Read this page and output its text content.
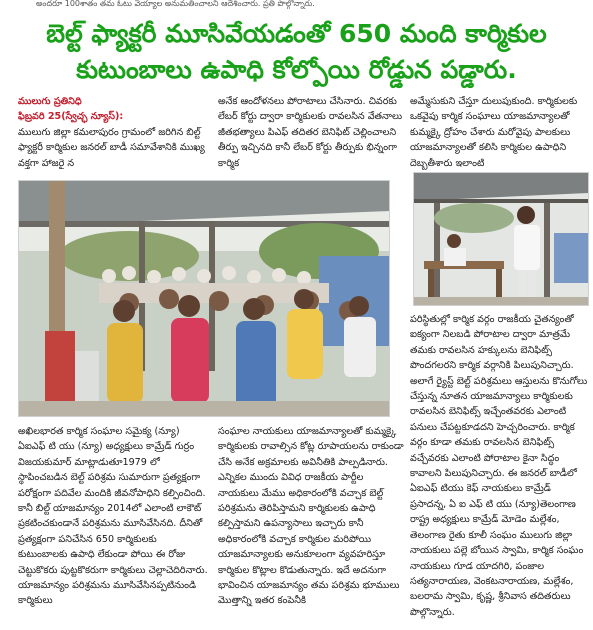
అందరూ 100శాతం తమ ఓటు వెయ్యాల అనుమతించాలని ఆదేశించారు. ప్రతి పొల్గొన్నారు.
బెల్ట్ ఫ్యాక్టరీ మూసివేయడంతో 650 మంది కార్మికుల
కుటుంబాలు ఉపాధి కోల్పోయి రోడ్డున పడ్డారు.

ములుగు ప్రతినిధి

ఫిబ్రవరి 25(స్వేచ్ఛ న్యూస్):

ములుగు జిల్లా కమలాపురం గ్రామంలో జరిగిన బిల్ట్ ఫ్యాక్టరీ కార్మికుల జనరల్ బాడీ సమావేశానికి ముఖ్య వక్తగా హాజరై న

అనేక ఆందోళనలు పోరాటాలు చేసినారు. చివరకు లేబర్ కోర్టు ద్వారా కార్మికులకు రావలసిన వేతనాలు జీతభత్యాలు పిఎఫ్ తదితర బెనిఫిట్ చెల్లించాలని తీర్పు ఇచ్చినది కానీ లేబర్ కోర్టు తీర్పుకు భిన్నంగా కార్మిక

అమ్మేసుకుని చేస్తూ దులుపుకుంది. కార్మికులకు ఒకవైపు కార్మిక సంఘాలు యాజమాన్యాలతో కుమ్మక్కై ద్రోహం చేశారు మరోవైపు పాలకులు యాజమాన్యాలతో కలిసి కార్మికుల ఉపాధిని దెబ్బతీశారు ఇలాంటి

పరిస్థితుల్లో కార్మిక వర్గం రాజకీయ చైతన్యంతో ఐక్యంగా నిలబడి పోరాటాల ద్వారా మాత్రమే తమకు రావలసిన హక్కులను బెనిఫిట్స్ పొందగలరని కార్మిక వర్గానికి పిలుపునిచ్చారు. అలాగే ర్యైస్ట్ బెల్ట్ పరిశ్రమలు ఆస్తులను కొనుగోలు చేస్తున్న నూతన యాజమాన్యాలు కార్మికులకు రావలసిన బెనిఫిట్స్ ఇచ్చేంతవరకు ఎలాంటి పనులు చేపట్టకూడదని హెచ్చరించారు. కార్మిక వర్గం కూడా తమకు రావలసిన బెనిఫిట్స్ వచ్చేవరకు ఎలాంటి పోరాటాల కైనా సిద్ధం కావాలని పిలుపునిచ్చారు. ఈ జనరల్ బాడీలో ఏఐఎఫ్ టియు కెఫ్ నాయకులు కామ్రేడ్ ప్రసాదన్న, ఏ ఐ ఎఫ్ టి యు (న్యూ)తెలంగాణ రాష్ట్ర అధ్యక్షులు కామ్రేడ్ మోడెం మల్లేశం, తెలంగాణ రైతు కూలీ సంఘం ములుగు జిల్లా నాయకులు పల్లె బోయిన స్వామి, కార్మిక సంఘం నాయకులు గూడ యాదగిరి, పంజాల సత్యనారాయణ, వెంకటనారాయణ, మల్లేశం, బలరామ స్వామి, కృష్ణ, శ్రీనివాస తదితరులు పొల్గొన్నారు.

అఖిలభారత కార్మిక సంఘాల సమైక్య (న్యూ) ఏఐఎఫ్ టి యు (న్యూ) అధ్యక్షులు కామ్రేడ్ గుర్రం విజయకుమార్ మాట్లాడుతూ1979 లో స్థాపించబడిన బెల్ట్ పరిశ్రమ సుమారుగా ప్రత్యక్షంగా పరోక్షంగా పదివేల మందికి జీవనోపాధిని కల్పించింది. కానీ బిల్ట్ యాజమాన్యం 2014లో ఎలాంటి లాకౌట్ ప్రకటించకుండానే పరిశ్రమను మూసివేసినది. దీనితో ప్రత్యక్షంగా పనిచేసిన 650 కార్మికులకు కుటుంబాలకు ఉపాధి లేకుండా పోయి ఈ రోజు చెట్టుకొకరు పుట్టకొకరుగా కార్మికులు చెల్లాచెదిరినారు. యాజమాన్యం పరిశ్రమను మూసివేసినప్పటినుండి కార్మికులు

సంఘాల నాయకులు యాజమాన్యాలతో కుమ్మక్కై కార్మికులకు రావాల్సిన కోట్ల రూపాయలను రాకుండా చేసి అనేక అక్రమాలకు అవినీతికి పాల్పడినారు. ఎన్నికల ముందు వివిధ రాజకీయ పార్టీల నాయకులు మేము అధికారంలోకి వచ్చాక బెల్ట్ పరిశ్రమను తెరిపిస్తామని కార్మికులకు ఉపాధి కల్పిస్తామని ఉపన్యాసాలు ఇచ్చారు కానీ అధికారంలోకి వచ్చాక కార్మికుల మరిపోయి యాజమాన్యాలకు అనుకూలంగా వ్యవహరిస్తూ కార్మికుల కొట్లాల కొడుతున్నారు. ఇదే అదనుగా భావించిన యాజమాన్యం తమ పరిశ్రమ భూములు మొత్తాన్ని ఇతర కంపెనీకి
